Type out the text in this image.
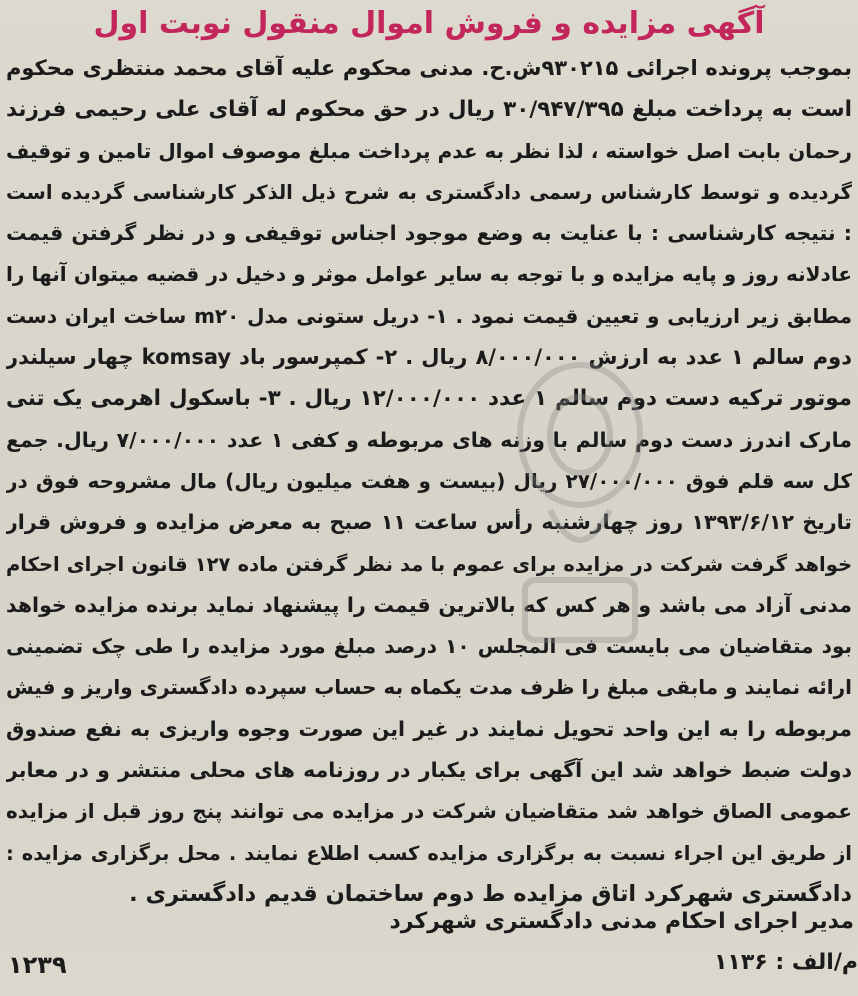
آگهی مزایده و فروش اموال منقول نوبت اول
بموجب پرونده اجرائی ۹۳۰۲۱۵ش.ح. مدنی محکوم علیه آقای محمد منتظری محکوم
است به پرداخت مبلغ ۳۰/۹۴۷/۳۹۵ ریال در حق محکوم له آقای علی رحیمی فرزند
رحمان بابت اصل خواسته ، لذا نظر به عدم پرداخت مبلغ موصوف اموال تامین و توقیف
گردیده و توسط کارشناس رسمی دادگستری به شرح ذیل الذکر کارشناسی گردیده است
: نتیجه کارشناسی : با عنایت به وضع موجود اجناس توقیفی و در نظر گرفتن قیمت
عادلانه روز و پایه مزایده و با توجه به سایر عوامل موثر و دخیل در قضیه میتوان آنها را
مطابق زیر ارزیابی و تعیین قیمت نمود . ۱- دریل ستونی مدل m۲۰ ساخت ایران دست
دوم سالم ۱ عدد به ارزش ۸/۰۰۰/۰۰۰ ریال . ۲- کمپرسور باد komsay چهار سیلندر
موتور ترکیه دست دوم سالم ۱ عدد ۱۲/۰۰۰/۰۰۰ ریال . ۳- باسکول اهرمی یک تنی
مارک اندرز دست دوم سالم با وزنه های مربوطه و کفی ۱ عدد ۷/۰۰۰/۰۰۰ ریال. جمع
کل سه قلم فوق ۲۷/۰۰۰/۰۰۰ ریال (بیست و هفت میلیون ریال) مال مشروحه فوق در
تاریخ ۱۳۹۳/۶/۱۲ روز چهارشنبه رأس ساعت ۱۱ صبح به معرض مزایده و فروش قرار
خواهد گرفت شرکت در مزایده برای عموم با مد نظر گرفتن ماده ۱۲۷ قانون اجرای احکام
مدنی آزاد می باشد و هر کس که بالاترین قیمت را پیشنهاد نماید برنده مزایده خواهد
بود متقاضیان می بایست فی المجلس ۱۰ درصد مبلغ مورد مزایده را طی چک تضمینی
ارائه نمایند و مابقی مبلغ را ظرف مدت یکماه به حساب سپرده دادگستری واریز و فیش
مربوطه را به این واحد تحویل نمایند در غیر این صورت وجوه واریزی به نفع صندوق
دولت ضبط خواهد شد این آگهی برای یکبار در روزنامه های محلی منتشر و در معابر
عمومی الصاق خواهد شد متقاضیان شرکت در مزایده می توانند پنج روز قبل از مزایده
از طریق این اجراء نسبت به برگزاری مزایده کسب اطلاع نمایند . محل برگزاری مزایده :
دادگستری شهرکرد اتاق مزایده ط دوم ساختمان قدیم دادگستری .
مدیر اجرای احکام مدنی دادگستری شهرکرد
م/الف : ۱۱۳۶
۱۲۳۹
